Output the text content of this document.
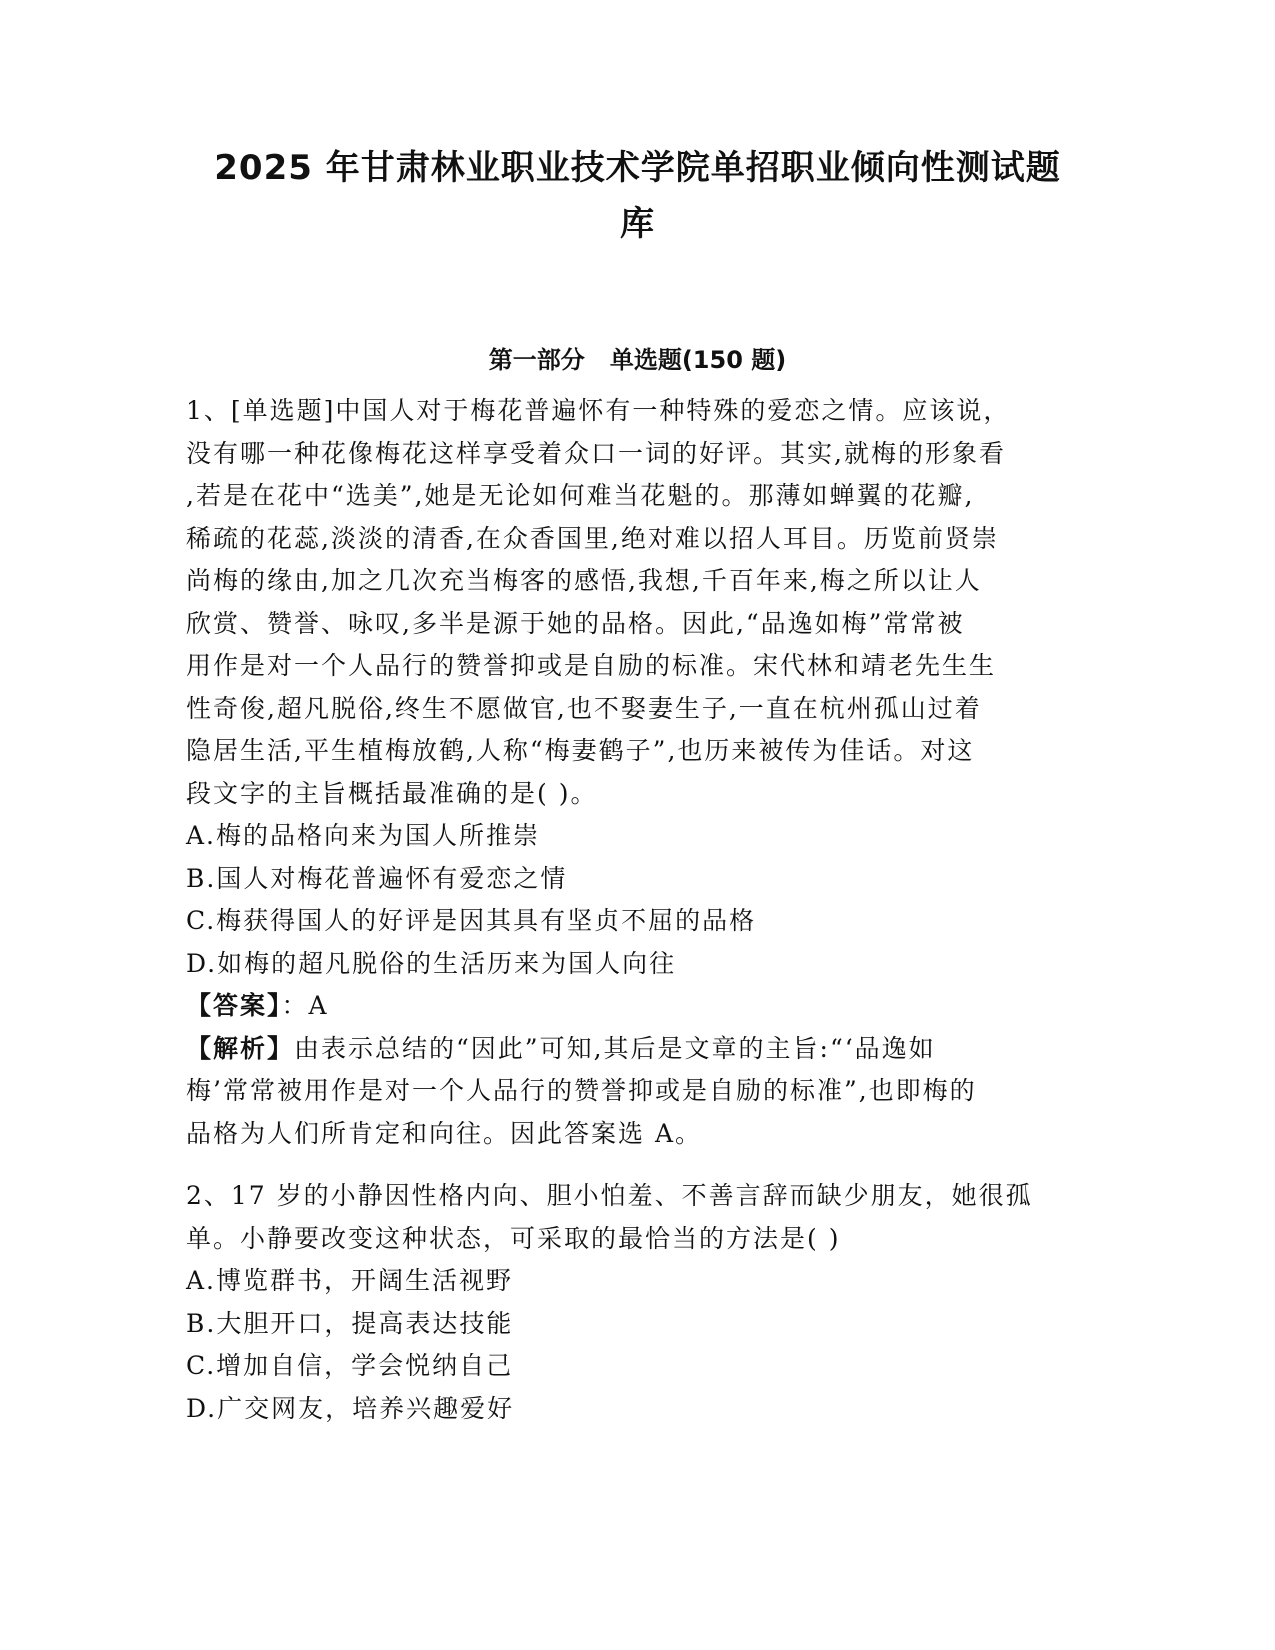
2025 年甘肃林业职业技术学院单招职业倾向性测试题
库
第一部分   单选题(150 题)
1、[单选题]中国人对于梅花普遍怀有一种特殊的爱恋之情。应该说，
没有哪一种花像梅花这样享受着众口一词的好评。其实,就梅的形象看
,若是在花中“选美”,她是无论如何难当花魁的。那薄如蝉翼的花瓣,
稀疏的花蕊,淡淡的清香,在众香国里,绝对难以招人耳目。历览前贤崇
尚梅的缘由,加之几次充当梅客的感悟,我想,千百年来,梅之所以让人
欣赏、赞誉、咏叹,多半是源于她的品格。因此,“品逸如梅”常常被
用作是对一个人品行的赞誉抑或是自励的标准。宋代林和靖老先生生
性奇俊,超凡脱俗,终生不愿做官,也不娶妻生子,一直在杭州孤山过着
隐居生活,平生植梅放鹤,人称“梅妻鹤子”,也历来被传为佳话。对这
段文字的主旨概括最准确的是( )。
A.梅的品格向来为国人所推崇
B.国人对梅花普遍怀有爱恋之情
C.梅获得国人的好评是因其具有坚贞不屈的品格
D.如梅的超凡脱俗的生活历来为国人向往
【答案】：A
【解析】由表示总结的“因此”可知,其后是文章的主旨:“‘品逸如
梅’常常被用作是对一个人品行的赞誉抑或是自励的标准”,也即梅的
品格为人们所肯定和向往。因此答案选 A。
2、17 岁的小静因性格内向、胆小怕羞、不善言辞而缺少朋友，她很孤
单。小静要改变这种状态，可采取的最恰当的方法是( )
A.博览群书，开阔生活视野
B.大胆开口，提高表达技能
C.增加自信，学会悦纳自己
D.广交网友，培养兴趣爱好
